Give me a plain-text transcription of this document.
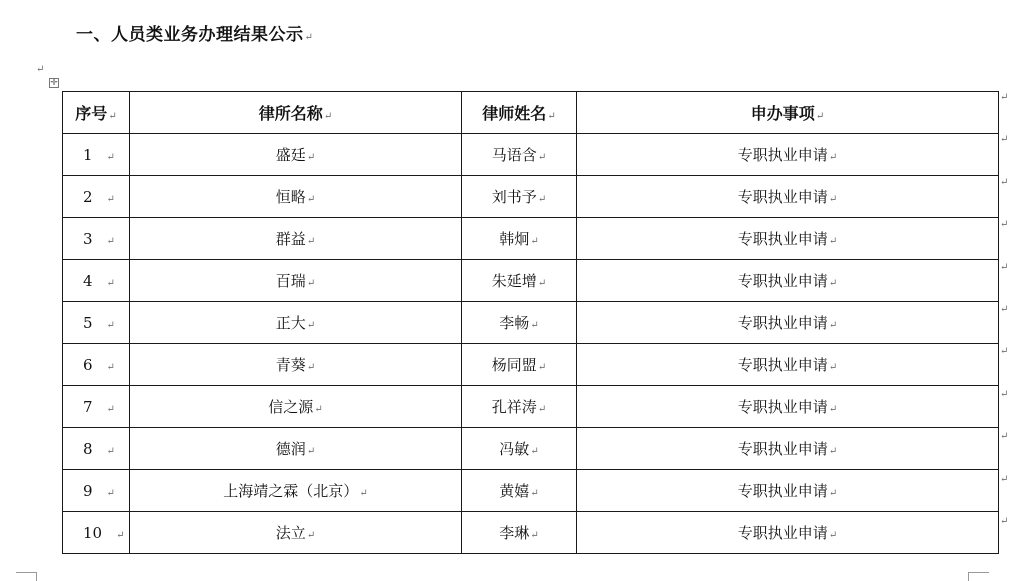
一、人员类业务办理结果公示↵
↵
✛
序号↵	律所名称↵	律师姓名↵	申办事项↵
1 ↵	盛廷↵	马语含↵	专职执业申请↵
2 ↵	恒略↵	刘书予↵	专职执业申请↵
3 ↵	群益↵	韩炯↵	专职执业申请↵
4 ↵	百瑞↵	朱延增↵	专职执业申请↵
5 ↵	正大↵	李畅↵	专职执业申请↵
6 ↵	青葵↵	杨同盟↵	专职执业申请↵
7 ↵	信之源↵	孔祥涛↵	专职执业申请↵
8 ↵	德润↵	冯敏↵	专职执业申请↵
9 ↵	上海靖之霖（北京）↵	黄嬉↵	专职执业申请↵
10 ↵	法立↵	李琳↵	专职执业申请↵
↵
↵
↵
↵
↵
↵
↵
↵
↵
↵
↵
